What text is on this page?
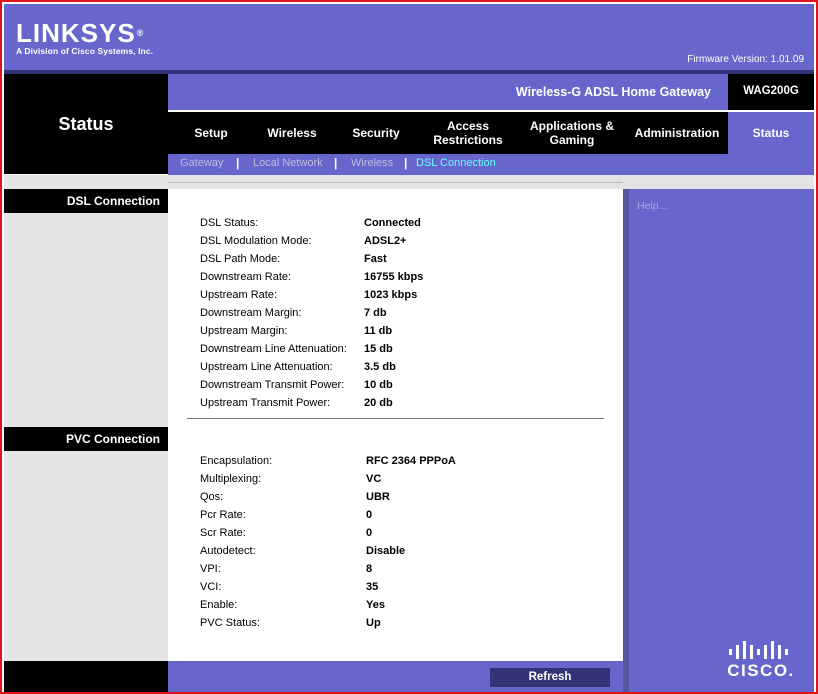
LINKSYS®
A Division of Cisco Systems, Inc.
Firmware Version: 1.01.09
Status
Wireless-G ADSL Home Gateway	WAG200G
Setup	Wireless	Security	Access Restrictions
Applications & Gaming	Administration	Status
Gateway | Local Network | Wireless | DSL Connection
DSL Connection
PVC Connection
DSL Status:	Connected
DSL Modulation Mode:	ADSL2+
DSL Path Mode:	Fast
Downstream Rate:	16755 kbps
Upstream Rate:	1023 kbps
Downstream Margin:	7 db
Upstream Margin:	11 db
Downstream Line Attenuation: 15 db
Upstream Line Attenuation:	3.5 db
Downstream Transmit Power: 10 db
Upstream Transmit Power:	20 db
Encapsulation:	RFC 2364 PPPoA
Multiplexing:	VC
Qos:	UBR
Pcr Rate:	0
Scr Rate:	0
Autodetect:	Disable
VPI:	8
VCI:	35
Enable:	Yes
PVC Status:	Up
Refresh
Help...
CISCO.
